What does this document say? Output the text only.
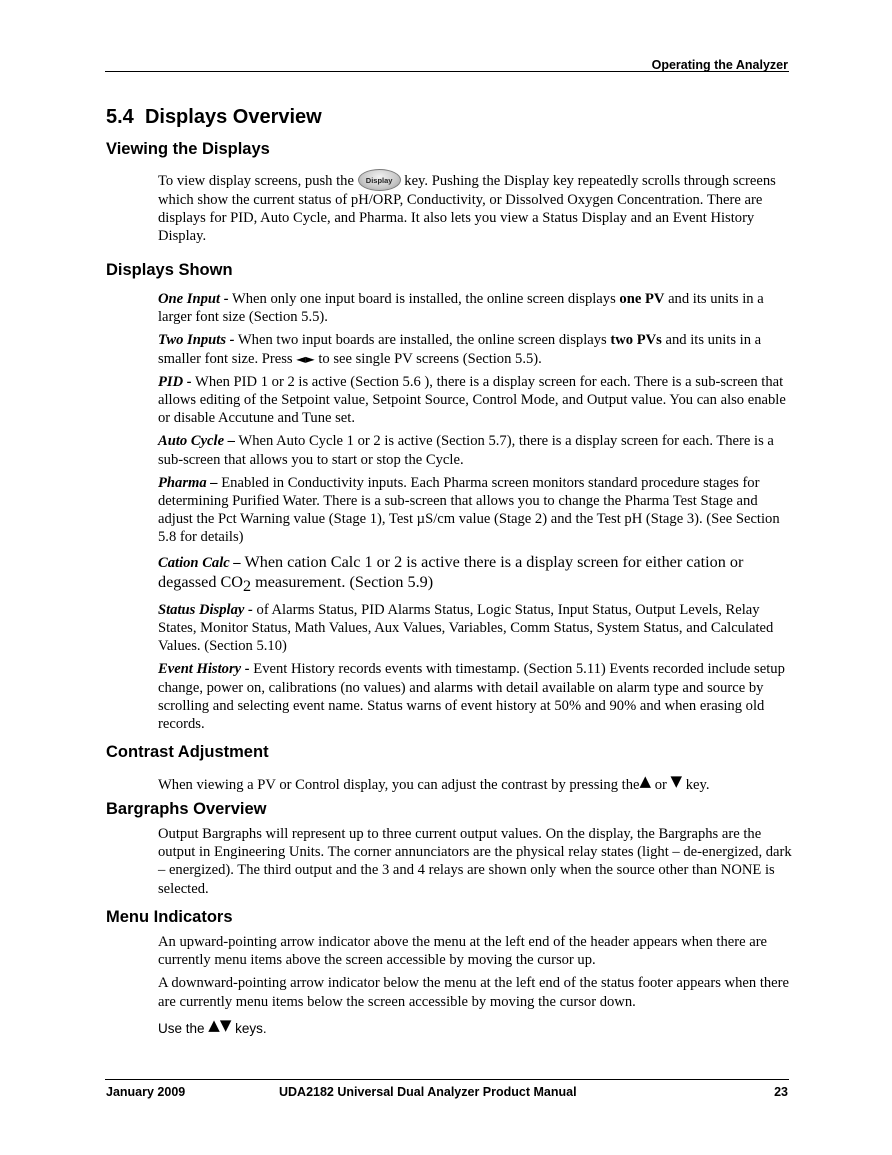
Operating the Analyzer
5.4 Displays Overview
Viewing the Displays

To view display screens, push the Display key. Pushing the Display key repeatedly scrolls through screens which show the current status of pH/ORP, Conductivity, or Dissolved Oxygen Concentration. There are displays for PID, Auto Cycle, and Pharma. It also lets you view a Status Display and an Event History Display.

Displays Shown

One Input - When only one input board is installed, the online screen displays one PV and its units in a larger font size (Section 5.5).

Two Inputs - When two input boards are installed, the online screen displays two PVs and its units in a smaller font size. Press ◄► to see single PV screens (Section 5.5).

PID - When PID 1 or 2 is active (Section 5.6 ), there is a display screen for each. There is a sub-screen that allows editing of the Setpoint value, Setpoint Source, Control Mode, and Output value. You can also enable or disable Accutune and Tune set.

Auto Cycle – When Auto Cycle 1 or 2 is active (Section 5.7), there is a display screen for each. There is a sub-screen that allows you to start or stop the Cycle.

Pharma – Enabled in Conductivity inputs. Each Pharma screen monitors standard procedure stages for determining Purified Water. There is a sub-screen that allows you to change the Pharma Test Stage and adjust the Pct Warning value (Stage 1), Test µS/cm value (Stage 2) and the Test pH (Stage 3). (See Section 5.8 for details)

Cation Calc – When cation Calc 1 or 2 is active there is a display screen for either cation or degassed $CO_2$ measurement. (Section 5.9)

Status Display - of Alarms Status, PID Alarms Status, Logic Status, Input Status, Output Levels, Relay States, Monitor Status, Math Values, Aux Values, Variables, Comm Status, System Status, and Calculated Values. (Section 5.10)

Event History - Event History records events with timestamp. (Section 5.11) Events recorded include setup change, power on, calibrations (no values) and alarms with detail available on alarm type and source by scrolling and selecting event name. Status warns of event history at 50% and 90% and when erasing old records.

Contrast Adjustment

When viewing a PV or Control display, you can adjust the contrast by pressing the▲ or ▼ key.

Bargraphs Overview

Output Bargraphs will represent up to three current output values. On the display, the Bargraphs are the output in Engineering Units. The corner annunciators are the physical relay states (light – de-energized, dark – energized). The third output and the 3 and 4 relays are shown only when the source other than NONE is selected.

Menu Indicators

An upward-pointing arrow indicator above the menu at the left end of the header appears when there are currently menu items above the screen accessible by moving the cursor up.

A downward-pointing arrow indicator below the menu at the left end of the status footer appears when there are currently menu items below the screen accessible by moving the cursor down.

Use the ▲▼ keys.

January 2009	UDA2182 Universal Dual Analyzer Product Manual	23
